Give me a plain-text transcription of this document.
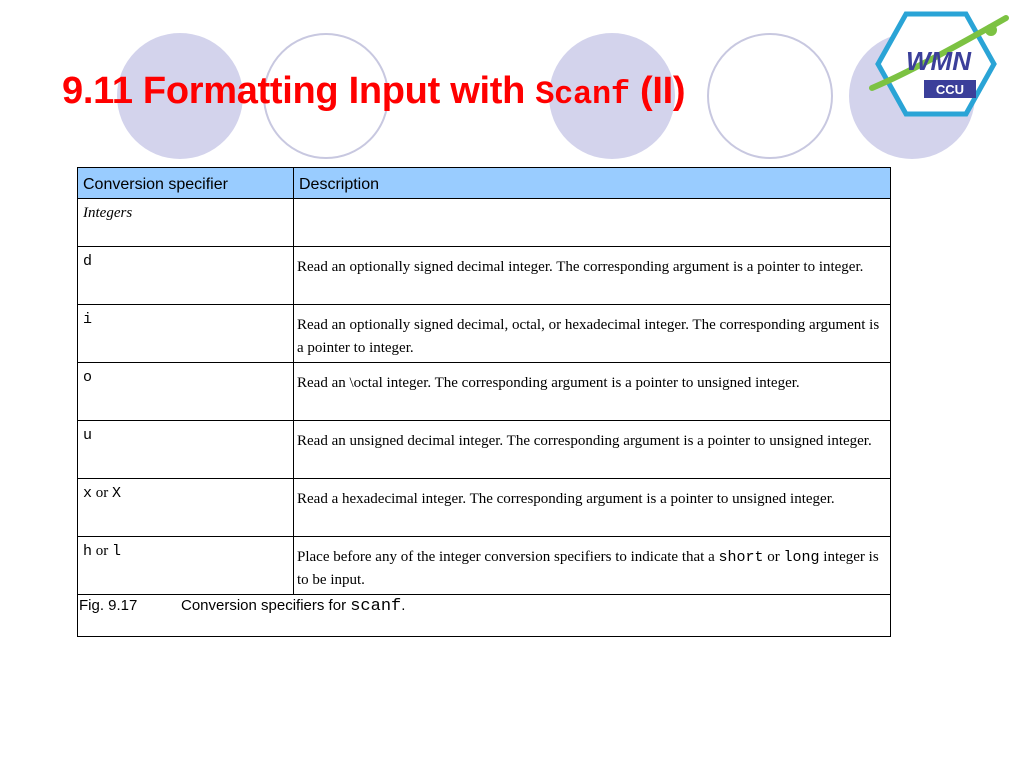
WMN
CCU
9.11 Formatting Input with Scanf (II)
Conversion specifier	Description
Integers	
d	Read an optionally signed decimal integer. The corresponding argument is a pointer to integer.
i	Read an optionally signed decimal, octal, or hexadecimal integer. The corresponding argument is a pointer to integer.
o	Read an \octal integer. The corresponding argument is a pointer to unsigned integer.
u	Read an unsigned decimal integer. The corresponding argument is a pointer to unsigned integer.
x or X	Read a hexadecimal integer. The corresponding argument is a pointer to unsigned integer.
h or l	Place before any of the integer conversion specifiers to indicate that a short or long integer is to be input.
Fig. 9.17 Conversion specifiers for scanf.	
